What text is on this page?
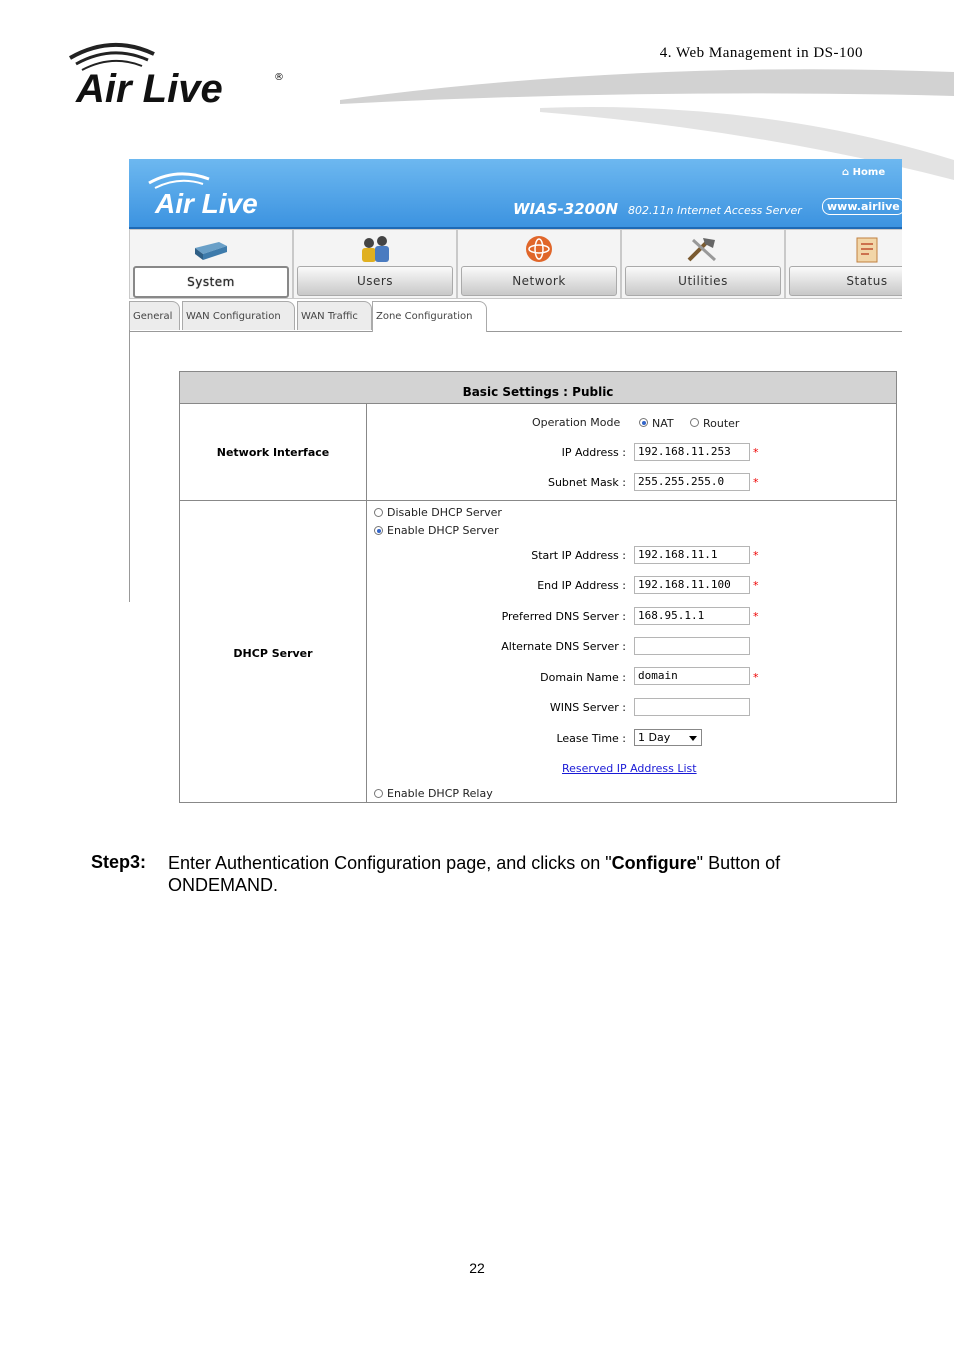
Air Live	®
4. Web Management in DS-100
Air Live
⌂ Home
WIAS-3200N 802.11n Internet Access Server	www.airlive
System	Users	Network	Utilities	Status
General	WAN Configuration	WAN Traffic	Zone Configuration
Basic Settings : Public
Network Interface
Operation Mode	NAT	Router
IP Address :	192.168.11.253	*
Subnet Mask :	255.255.255.0	*
DHCP Server
Disable DHCP Server
Enable DHCP Server
Start IP Address :	192.168.11.1	*
End IP Address :	192.168.11.100	*
Preferred DNS Server :	168.95.1.1	*
Alternate DNS Server :
Domain Name :	domain	*
WINS Server :
Lease Time :	1 Day
Reserved IP Address List
Enable DHCP Relay
Step3: Enter Authentication Configuration page, and clicks on "Configure" Button of
ONDEMAND.
22
